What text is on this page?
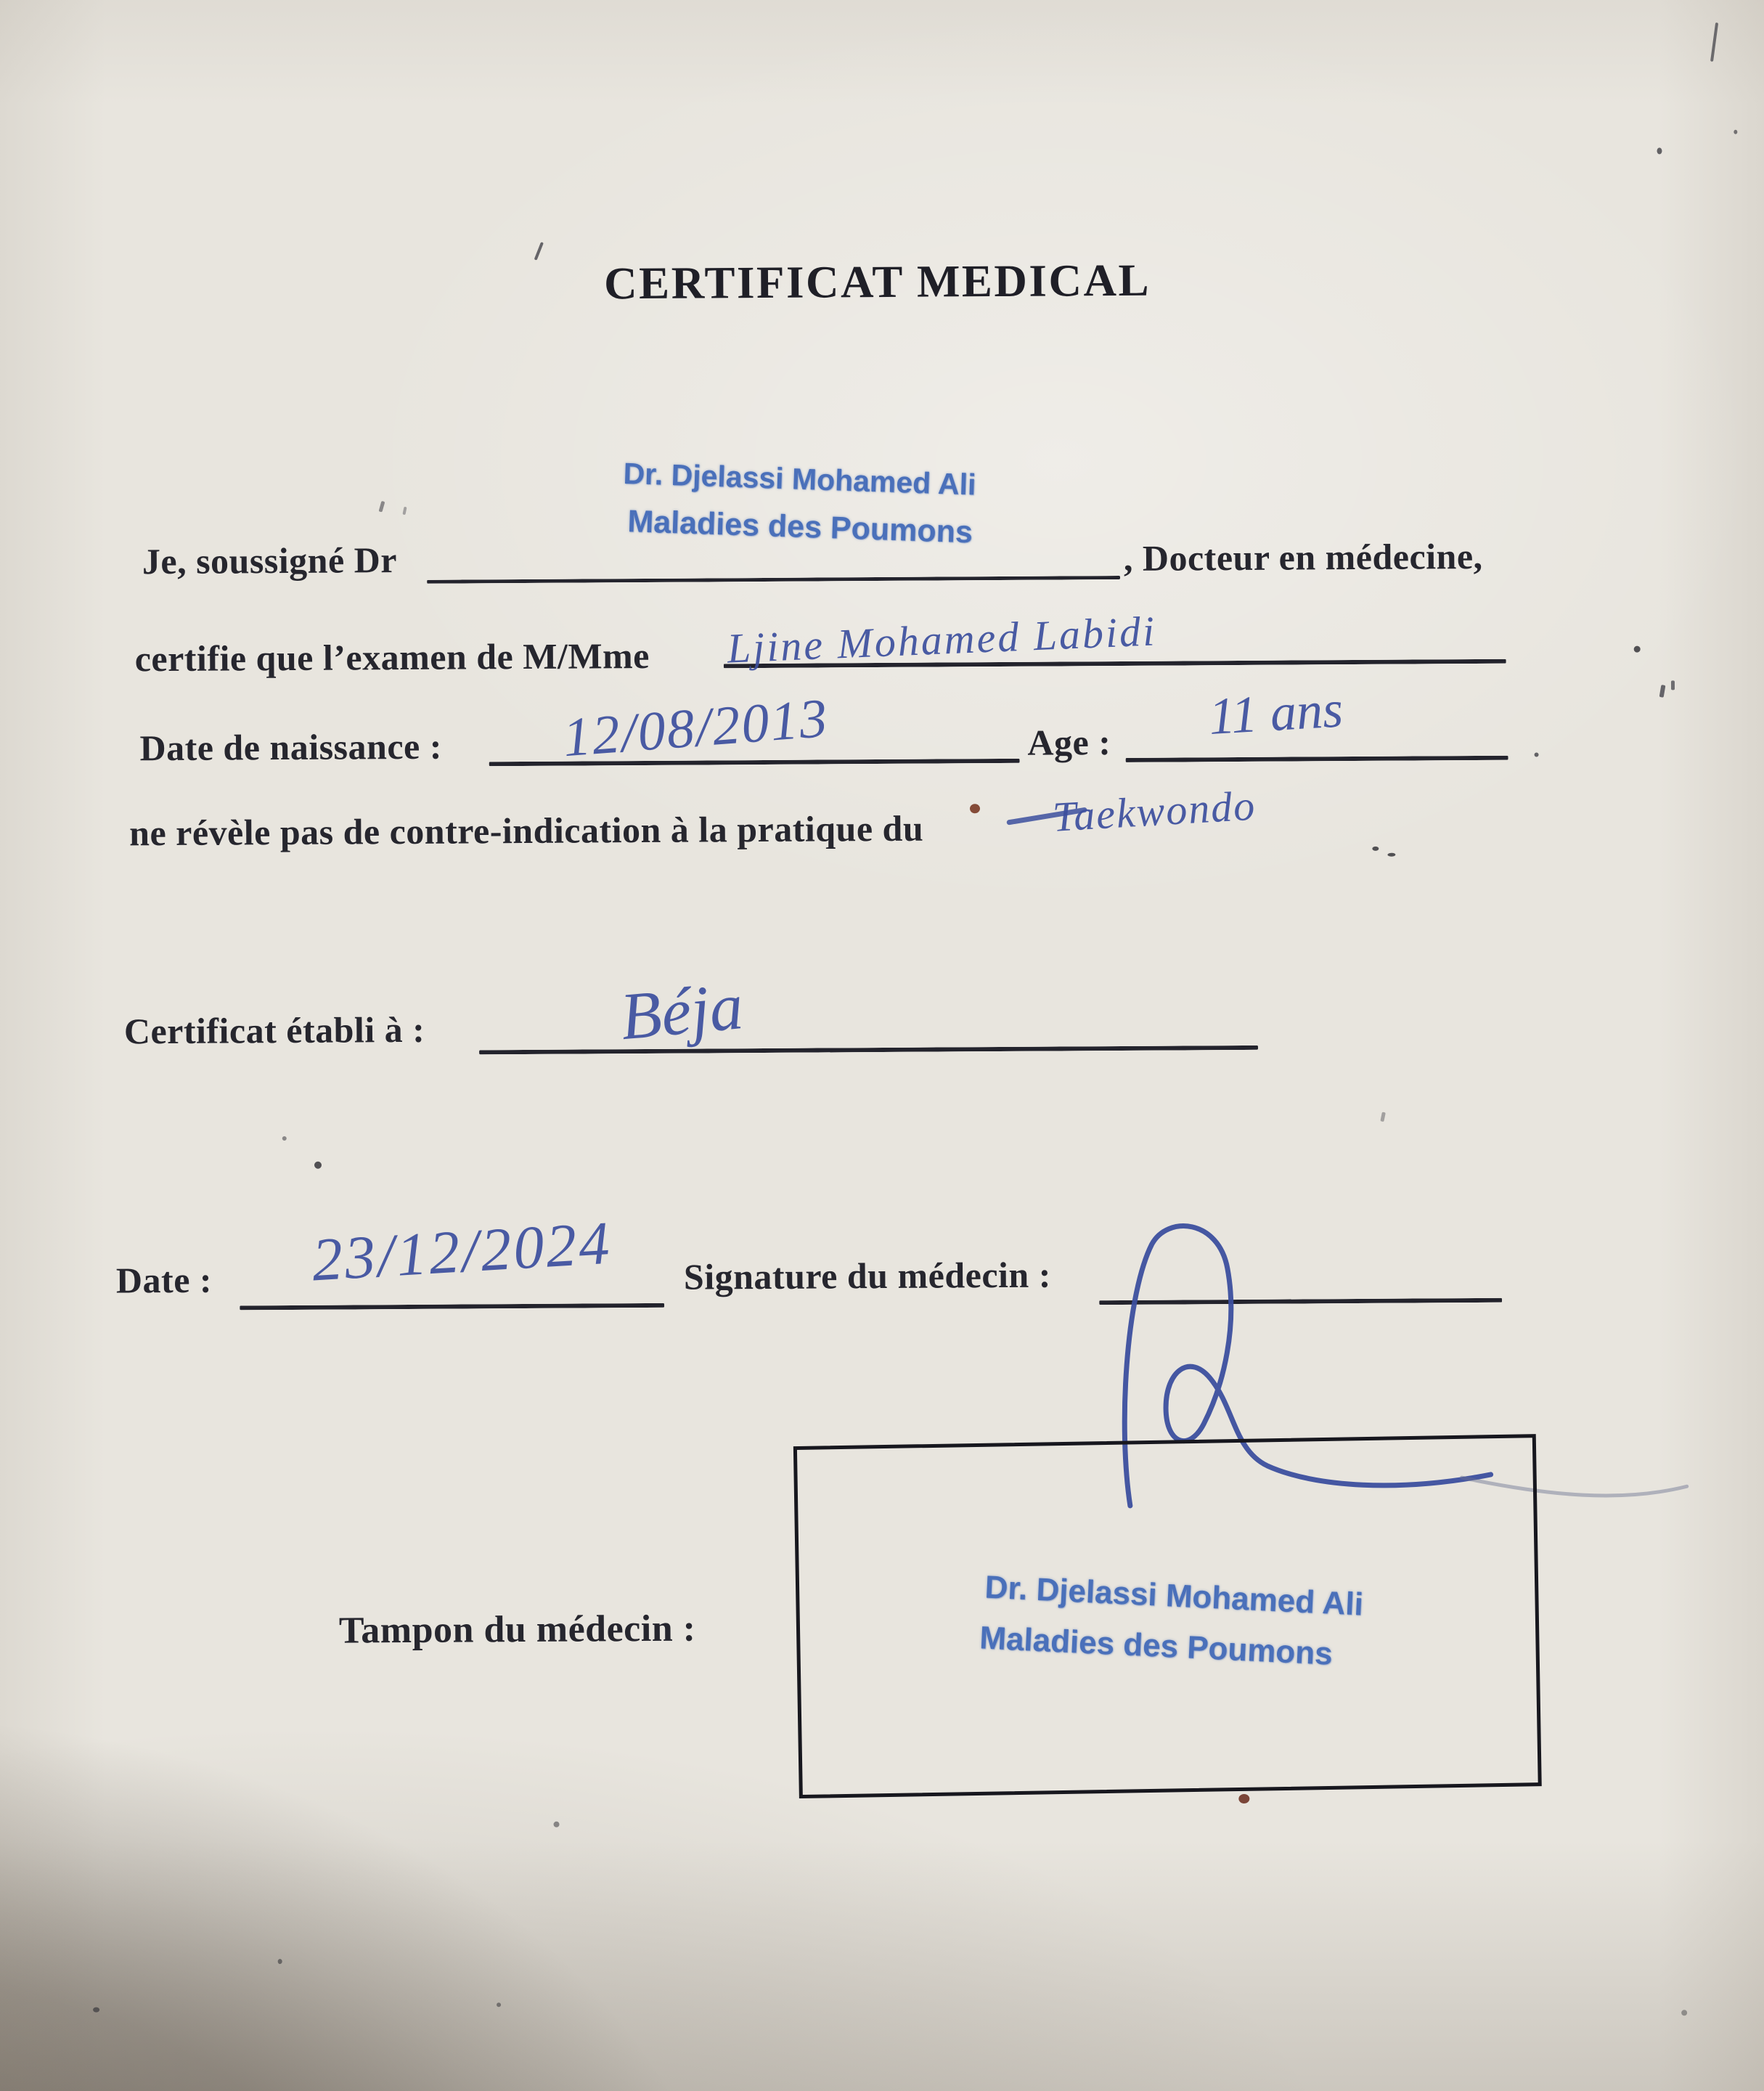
CERTIFICAT MEDICAL
Dr. Djelassi Mohamed Ali
Maladies des Poumons
Je, soussigné Dr	, Docteur en médecine,
certifie que l’examen de M/Mme Ljine Mohamed Labidi
Date de naissance : 12/08/2013	Age : 11 ans
ne révèle pas de contre-indication à la pratique du	Taekwondo
Certificat établi à :	Béja
Date : 23/12/2024 Signature du médecin :
Tampon du médecin :
Dr. Djelassi Mohamed Ali
Maladies des Poumons
